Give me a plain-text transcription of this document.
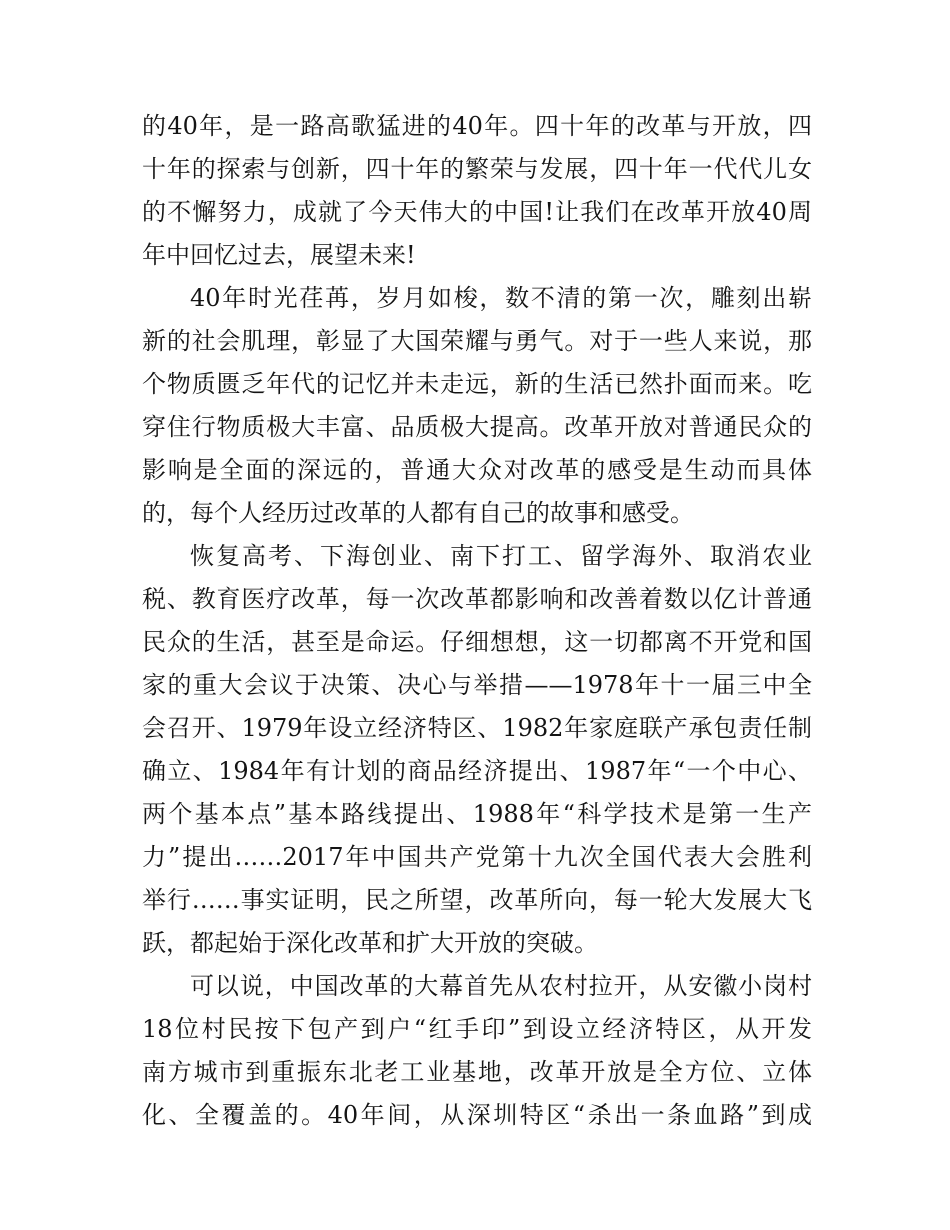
的40年，是一路高歌猛进的40年。四十年的改革与开放，四
十年的探索与创新，四十年的繁荣与发展，四十年一代代儿女
的不懈努力，成就了今天伟大的中国!让我们在改革开放40周
年中回忆过去，展望未来!
40年时光荏苒，岁月如梭，数不清的第一次，雕刻出崭
新的社会肌理，彰显了大国荣耀与勇气。对于一些人来说，那
个物质匮乏年代的记忆并未走远，新的生活已然扑面而来。吃
穿住行物质极大丰富、品质极大提高。改革开放对普通民众的
影响是全面的深远的，普通大众对改革的感受是生动而具体
的，每个人经历过改革的人都有自己的故事和感受。
恢复高考、下海创业、南下打工、留学海外、取消农业
税、教育医疗改革，每一次改革都影响和改善着数以亿计普通
民众的生活，甚至是命运。仔细想想，这一切都离不开党和国
家的重大会议于决策、决心与举措——1978年十一届三中全
会召开、1979年设立经济特区、1982年家庭联产承包责任制
确立、1984年有计划的商品经济提出、1987年“一个中心、
两个基本点”基本路线提出、1988年“科学技术是第一生产
力”提出……2017年中国共产党第十九次全国代表大会胜利
举行……事实证明，民之所望，改革所向，每一轮大发展大飞
跃，都起始于深化改革和扩大开放的突破。
可以说，中国改革的大幕首先从农村拉开，从安徽小岗村
18位村民按下包产到户“红手印”到设立经济特区，从开发
南方城市到重振东北老工业基地，改革开放是全方位、立体
化、全覆盖的。40年间，从深圳特区“杀出一条血路”到成
